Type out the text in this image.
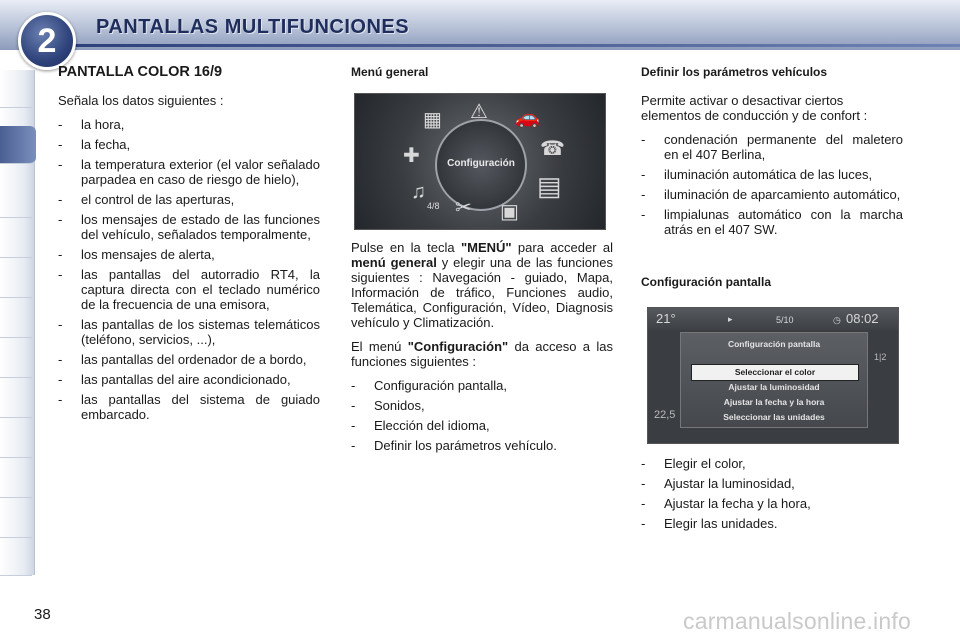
2	PANTALLAS MULTIFUNCIONES
PANTALLA COLOR 16/9

Señala los datos siguientes :

- la hora,
- la fecha,
- la temperatura exterior (el valor señalado parpadea en caso de riesgo de hielo),
- el control de las aperturas,
- los mensajes de estado de las funciones del vehículo, señalados temporalmente,
- los mensajes de alerta,
- las pantallas del autorradio RT4, la captura directa con el teclado numérico de la frecuencia de una emisora,
- las pantallas de los sistemas telemáticos (teléfono, servicios, ...),
- las pantallas del ordenador de a bordo,
- las pantallas del aire acondicionado,
- las pantallas del sistema de guiado embarcado.
Menú general
Configuración
⚠ 🚗
▦
✚
♫
✂ ▣
☎
▤
4/8

Pulse en la tecla "MENÚ" para acceder al menú general y elegir una de las funciones siguientes : Navegación - guiado, Mapa, Información de tráfico, Funciones audio, Telemática, Configuración, Vídeo, Diagnosis vehículo y Climatización.

El menú "Configuración" da acceso a las funciones siguientes :

- Configuración pantalla,
- Sonidos,
- Elección del idioma,
- Definir los parámetros vehículo.
Definir los parámetros vehículos

Permite activar o desactivar ciertos elementos de conducción y de confort :

- condenación permanente del maletero en el 407 Berlina,
- iluminación automática de las luces,
- iluminación de aparcamiento automático,
- limpialunas automático con la marcha atrás en el 407 SW.
Configuración pantalla
21°	▸	5/10	◷ 08:02
1|2
22,5
Configuración pantalla
Seleccionar el color
Ajustar la luminosidad
Ajustar la fecha y la hora
Seleccionar las unidades
- Elegir el color,
- Ajustar la luminosidad,
- Ajustar la fecha y la hora,
- Elegir las unidades.
38	carmanualsonline.info
